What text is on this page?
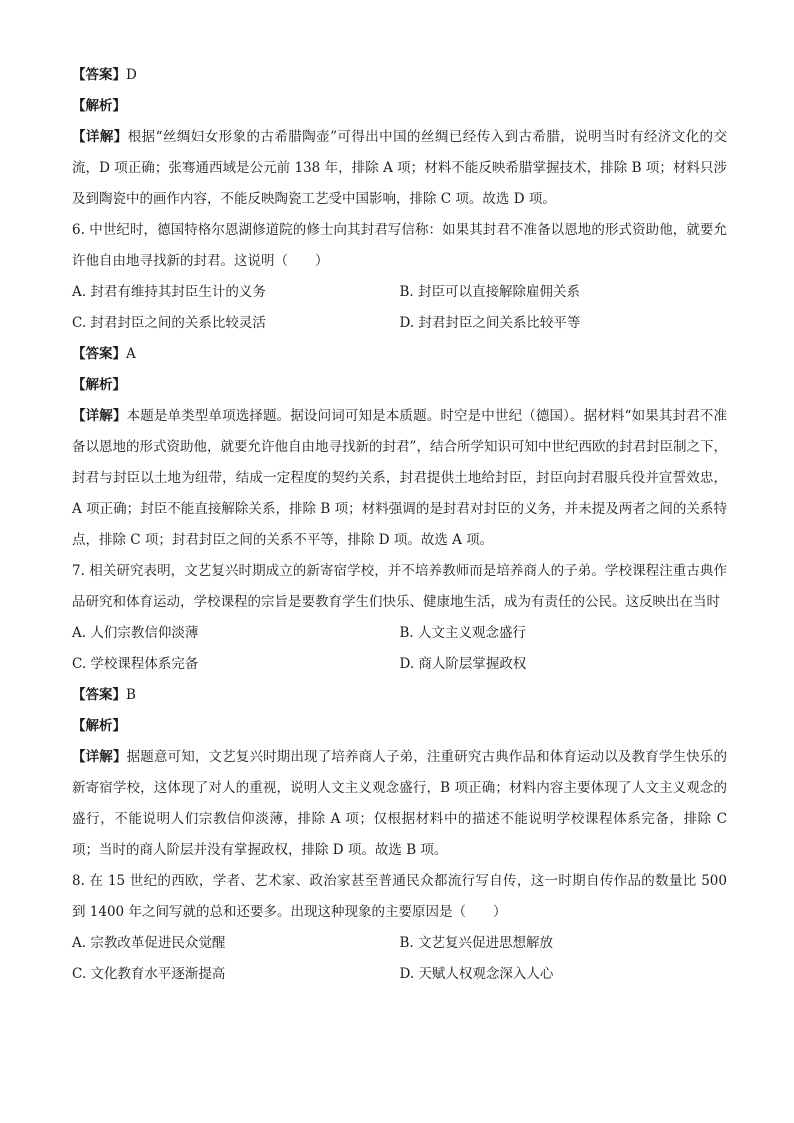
【答案】D
【解析】
【详解】根据“丝绸妇女形象的古希腊陶壶”可得出中国的丝绸已经传入到古希腊，说明当时有经济文化的交流，D 项正确；张骞通西域是公元前 138 年，排除 A 项；材料不能反映希腊掌握技术，排除 B 项；材料只涉及到陶瓷中的画作内容，不能反映陶瓷工艺受中国影响，排除 C 项。故选 D 项。
6. 中世纪时，德国特格尔恩湖修道院的修士向其封君写信称：如果其封君不准备以恩地的形式资助他，就要允许他自由地寻找新的封君。这说明（　　）
A. 封君有维持其封臣生计的义务	B. 封臣可以直接解除雇佣关系
C. 封君封臣之间的关系比较灵活	D. 封君封臣之间关系比较平等
【答案】A
【解析】
【详解】本题是单类型单项选择题。据设问词可知是本质题。时空是中世纪（德国）。据材料“如果其封君不准备以恩地的形式资助他，就要允许他自由地寻找新的封君”，结合所学知识可知中世纪西欧的封君封臣制之下，封君与封臣以土地为纽带，结成一定程度的契约关系，封君提供土地给封臣，封臣向封君服兵役并宣誓效忠，A 项正确；封臣不能直接解除关系，排除 B 项；材料强调的是封君对封臣的义务，并未提及两者之间的关系特点，排除 C 项；封君封臣之间的关系不平等，排除 D 项。故选 A 项。
7. 相关研究表明，文艺复兴时期成立的新寄宿学校，并不培养教师而是培养商人的子弟。学校课程注重古典作品研究和体育运动，学校课程的宗旨是要教育学生们快乐、健康地生活，成为有责任的公民。这反映出在当时
A. 人们宗教信仰淡薄	B. 人文主义观念盛行
C. 学校课程体系完备	D. 商人阶层掌握政权
【答案】B
【解析】
【详解】据题意可知，文艺复兴时期出现了培养商人子弟，注重研究古典作品和体育运动以及教育学生快乐的新寄宿学校，这体现了对人的重视，说明人文主义观念盛行，B 项正确；材料内容主要体现了人文主义观念的盛行，不能说明人们宗教信仰淡薄，排除 A 项；仅根据材料中的描述不能说明学校课程体系完备，排除 C 项；当时的商人阶层并没有掌握政权，排除 D 项。故选 B 项。
8. 在 15 世纪的西欧，学者、艺术家、政治家甚至普通民众都流行写自传，这一时期自传作品的数量比 500 到 1400 年之间写就的总和还要多。出现这种现象的主要原因是（　　）
A. 宗教改革促进民众觉醒	B. 文艺复兴促进思想解放
C. 文化教育水平逐渐提高	D. 天赋人权观念深入人心
